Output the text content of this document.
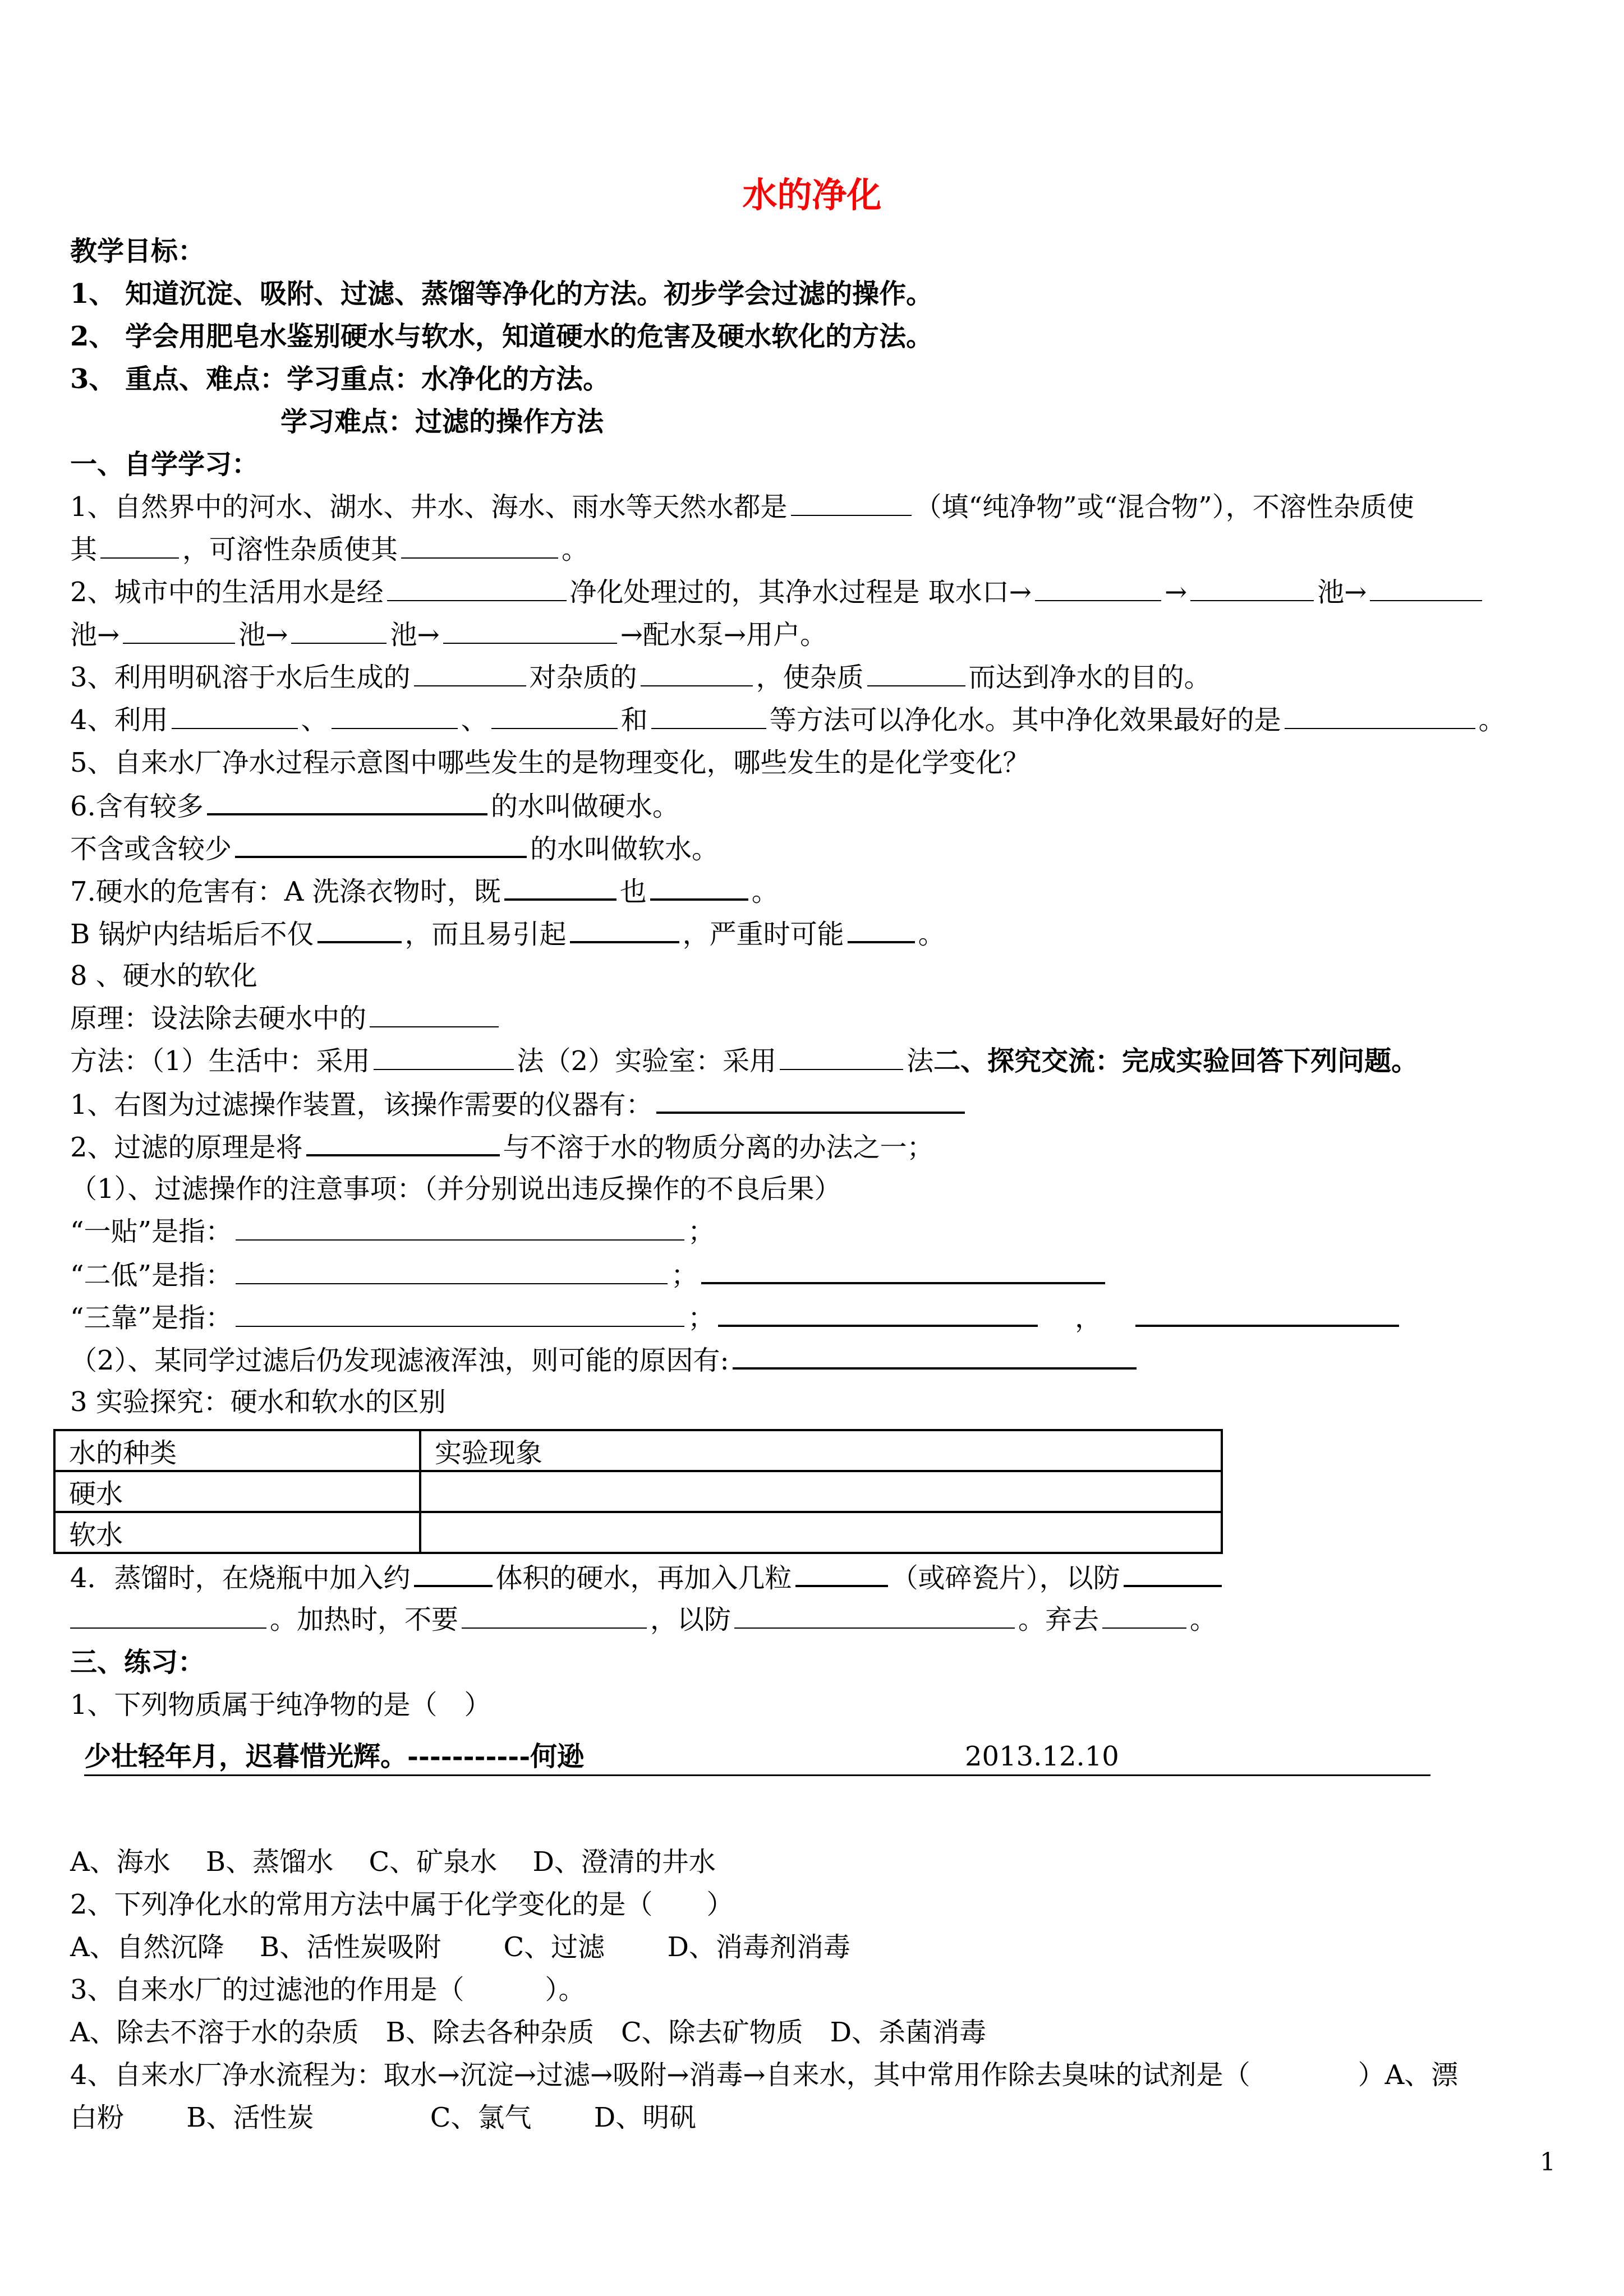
水的净化
教学目标：
1、 知道沉淀、吸附、过滤、蒸馏等净化的方法。初步学会过滤的操作。
2、 学会用肥皂水鉴别硬水与软水，知道硬水的危害及硬水软化的方法。
3、 重点、难点：学习重点：水净化的方法。
学习难点：过滤的操作方法
一、自学学习：
1、自然界中的河水、湖水、井水、海水、雨水等天然水都是	（填“纯净物”或“混合物”），不溶性杂质使
其	，可溶性杂质使其	。
2、城市中的生活用水是经	净化处理过的，其净水过程是 取水口→	→	池→
池→	池→	池→	→配水泵→用户。
3、利用明矾溶于水后生成的	对杂质的	，使杂质	而达到净水的目的。
4、利用	、	、	和	等方法可以净化水。其中净化效果最好的是	。
5、自来水厂净水过程示意图中哪些发生的是物理变化，哪些发生的是化学变化？
6.含有较多	的水叫做硬水。
不含或含较少	的水叫做软水。
7.硬水的危害有：A 洗涤衣物时，既	也	。
B 锅炉内结垢后不仅	，而且易引起	，严重时可能	。
8 、硬水的软化
原理：设法除去硬水中的
方法：（1）生活中：采用	法（2）实验室：采用	法二、探究交流：完成实验回答下列问题。
1、右图为过滤操作装置，该操作需要的仪器有：
2、过滤的原理是将	与不溶于水的物质分离的办法之一；
（1）、过滤操作的注意事项：（并分别说出违反操作的不良后果）
“一贴”是指：	；
“二低”是指：	；
“三靠”是指：	；	，
（2）、某同学过滤后仍发现滤液浑浊，则可能的原因有:
3 实验探究：硬水和软水的区别
水的种类	实验现象
硬水	
软水	
4．蒸馏时，在烧瓶中加入约	体积的硬水，再加入几粒	（或碎瓷片），以防
。加热时，不要	，以防	。弃去	。
三、练习：
1、下列物质属于纯净物的是（　）
少壮轻年月，迟暮惜光辉。-----------何逊	2013.12.10
A、海水　 B、蒸馏水　 C、矿泉水　 D、澄清的井水
2、下列净化水的常用方法中属于化学变化的是（　　）
A、自然沉降　 B、活性炭吸附　　 C、过滤　　 D、消毒剂消毒
3、自来水厂的过滤池的作用是（　　　）。
A、除去不溶于水的杂质　B、除去各种杂质　C、除去矿物质　D、杀菌消毒
4、自来水厂净水流程为：取水→沉淀→过滤→吸附→消毒→自来水，其中常用作除去臭味的试剂是（　　　　）A、漂
白粉　　 B、活性炭　　　　 C、氯气　　 D、明矾
1
